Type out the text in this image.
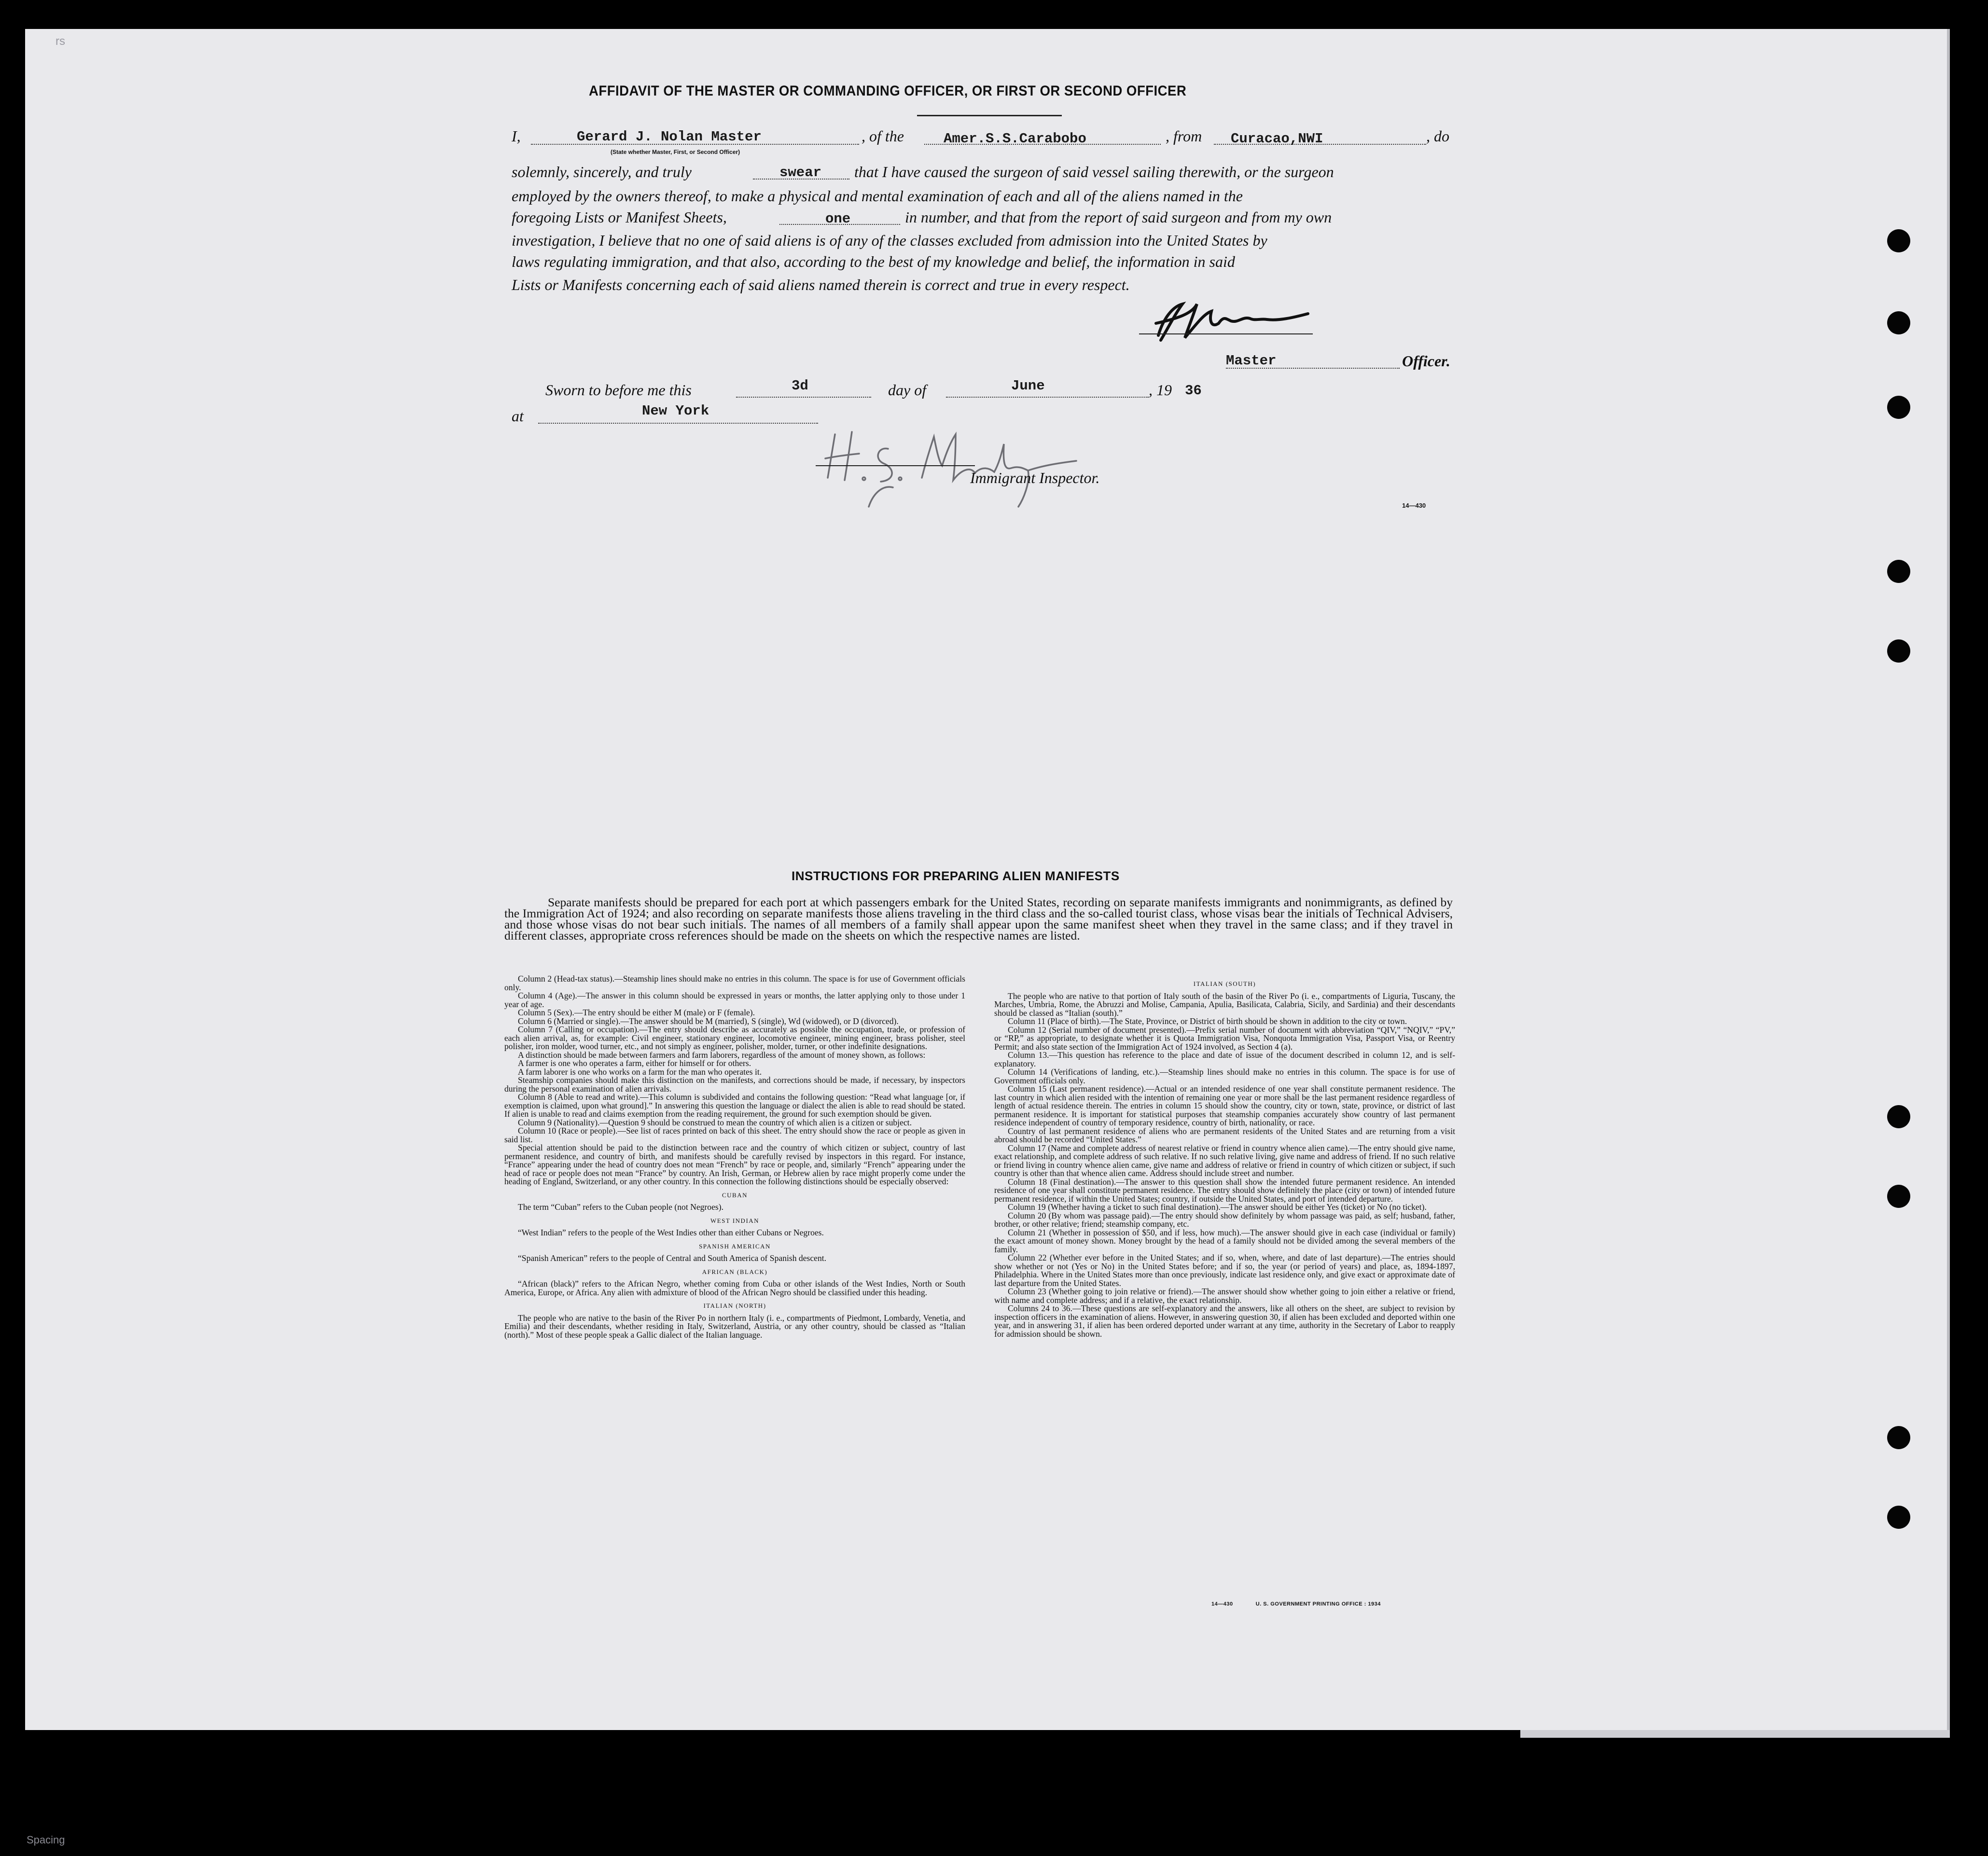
rs
Spacing
AFFIDAVIT OF THE MASTER OR COMMANDING OFFICER, OR FIRST OR SECOND OFFICER
I,	Gerard J. Nolan Master	, of the	Amer.S.S.Carabobo	, from Curacao,NWI	, do
(State whether Master, First, or Second Officer)
solemnly, sincerely, and truly	swear that I have caused the surgeon of said vessel sailing therewith, or the surgeon
employed by the owners thereof, to make a physical and mental examination of each and all of the aliens named in the
foregoing Lists or Manifest Sheets,	one	in number, and that from the report of said surgeon and from my own
investigation, I believe that no one of said aliens is of any of the classes excluded from admission into the United States by
laws regulating immigration, and that also, according to the best of my knowledge and belief, the information in said
Lists or Manifests concerning each of said aliens named therein is correct and true in every respect.
Master	Officer.
Sworn to before me this	3d	day of	June	, 19 36
at	New York
Immigrant Inspector.
14—430
INSTRUCTIONS FOR PREPARING ALIEN MANIFESTS

Separate manifests should be prepared for each port at which passengers embark for the United States, recording on separate manifests immigrants and nonimmigrants, as defined by the Immigration Act of 1924; and also recording on separate manifests those aliens traveling in the third class and the so-called tourist class, whose visas bear the initials of Technical Advisers, and those whose visas do not bear such initials. The names of all members of a family shall appear upon the same manifest sheet when they travel in the same class; and if they travel in different classes, appropriate cross references should be made on the sheets on which the respective names are listed.

Column 2 (Head-tax status).—Steamship lines should make no entries in this column. The space is for use of Government officials only.

Column 4 (Age).—The answer in this column should be expressed in years or months, the latter applying only to those under 1 year of age.

Column 5 (Sex).—The entry should be either M (male) or F (female).

Column 6 (Married or single).—The answer should be M (married), S (single), Wd (widowed), or D (divorced).

Column 7 (Calling or occupation).—The entry should describe as accurately as possible the occupation, trade, or profession of each alien arrival, as, for example: Civil engineer, stationary engineer, locomotive engineer, mining engineer, brass polisher, steel polisher, iron molder, wood turner, etc., and not simply as engineer, polisher, molder, turner, or other indefinite designations.

A distinction should be made between farmers and farm laborers, regardless of the amount of money shown, as follows:

A farmer is one who operates a farm, either for himself or for others.

A farm laborer is one who works on a farm for the man who operates it.

Steamship companies should make this distinction on the manifests, and corrections should be made, if necessary, by inspectors during the personal examination of alien arrivals.

Column 8 (Able to read and write).—This column is subdivided and contains the following question: “Read what language [or, if exemption is claimed, upon what ground].” In answering this question the language or dialect the alien is able to read should be stated. If alien is unable to read and claims exemption from the reading requirement, the ground for such exemption should be given.

Column 9 (Nationality).—Question 9 should be construed to mean the country of which alien is a citizen or subject.

Column 10 (Race or people).—See list of races printed on back of this sheet. The entry should show the race or people as given in said list.

Special attention should be paid to the distinction between race and the country of which citizen or subject, country of last permanent residence, and country of birth, and manifests should be carefully revised by inspectors in this regard. For instance, “France” appearing under the head of country does not mean “French” by race or people, and, similarly “French” appearing under the head of race or people does not mean “France” by country. An Irish, German, or Hebrew alien by race might properly come under the heading of England, Switzerland, or any other country. In this connection the following distinctions should be especially observed:

CUBAN

The term “Cuban” refers to the Cuban people (not Negroes).

WEST INDIAN

“West Indian” refers to the people of the West Indies other than either Cubans or Negroes.

SPANISH AMERICAN

“Spanish American” refers to the people of Central and South America of Spanish descent.

AFRICAN (BLACK)

“African (black)” refers to the African Negro, whether coming from Cuba or other islands of the West Indies, North or South America, Europe, or Africa. Any alien with admixture of blood of the African Negro should be classified under this heading.

ITALIAN (NORTH)

The people who are native to the basin of the River Po in northern Italy (i. e., compartments of Piedmont, Lombardy, Venetia, and Emilia) and their descendants, whether residing in Italy, Switzerland, Austria, or any other country, should be classed as “Italian (north).” Most of these people speak a Gallic dialect of the Italian language.

ITALIAN (SOUTH)

The people who are native to that portion of Italy south of the basin of the River Po (i. e., compartments of Liguria, Tuscany, the Marches, Umbria, Rome, the Abruzzi and Molise, Campania, Apulia, Basilicata, Calabria, Sicily, and Sardinia) and their descendants should be classed as “Italian (south).”

Column 11 (Place of birth).—The State, Province, or District of birth should be shown in addition to the city or town.

Column 12 (Serial number of document presented).—Prefix serial number of document with abbreviation “QIV,” “NQIV,” “PV,” or “RP,” as appropriate, to designate whether it is Quota Immigration Visa, Nonquota Immigration Visa, Passport Visa, or Reentry Permit; and also state section of the Immigration Act of 1924 involved, as Section 4 (a).

Column 13.—This question has reference to the place and date of issue of the document described in column 12, and is self-explanatory.

Column 14 (Verifications of landing, etc.).—Steamship lines should make no entries in this column. The space is for use of Government officials only.

Column 15 (Last permanent residence).—Actual or an intended residence of one year shall constitute permanent residence. The last country in which alien resided with the intention of remaining one year or more shall be the last permanent residence regardless of length of actual residence therein. The entries in column 15 should show the country, city or town, state, province, or district of last permanent residence. It is important for statistical purposes that steamship companies accurately show country of last permanent residence independent of country of temporary residence, country of birth, nationality, or race.

Country of last permanent residence of aliens who are permanent residents of the United States and are returning from a visit abroad should be recorded “United States.”

Column 17 (Name and complete address of nearest relative or friend in country whence alien came).—The entry should give name, exact relationship, and complete address of such relative. If no such relative living, give name and address of friend. If no such relative or friend living in country whence alien came, give name and address of relative or friend in country of which citizen or subject, if such country is other than that whence alien came. Address should include street and number.

Column 18 (Final destination).—The answer to this question shall show the intended future permanent residence. An intended residence of one year shall constitute permanent residence. The entry should show definitely the place (city or town) of intended future permanent residence, if within the United States; country, if outside the United States, and port of intended departure.

Column 19 (Whether having a ticket to such final destination).—The answer should be either Yes (ticket) or No (no ticket).

Column 20 (By whom was passage paid).—The entry should show definitely by whom passage was paid, as self; husband, father, brother, or other relative; friend; steamship company, etc.

Column 21 (Whether in possession of $50, and if less, how much).—The answer should give in each case (individual or family) the exact amount of money shown. Money brought by the head of a family should not be divided among the several members of the family.

Column 22 (Whether ever before in the United States; and if so, when, where, and date of last departure).—The entries should show whether or not (Yes or No) in the United States before; and if so, the year (or period of years) and place, as, 1894-1897, Philadelphia. Where in the United States more than once previously, indicate last residence only, and give exact or approximate date of last departure from the United States.

Column 23 (Whether going to join relative or friend).—The answer should show whether going to join either a relative or friend, with name and complete address; and if a relative, the exact relationship.

Columns 24 to 36.—These questions are self-explanatory and the answers, like all others on the sheet, are subject to revision by inspection officers in the examination of aliens. However, in answering question 30, if alien has been excluded and deported within one year, and in answering 31, if alien has been ordered deported under warrant at any time, authority in the Secretary of Labor to reapply for admission should be shown.

14—430	U. S. GOVERNMENT PRINTING OFFICE : 1934
